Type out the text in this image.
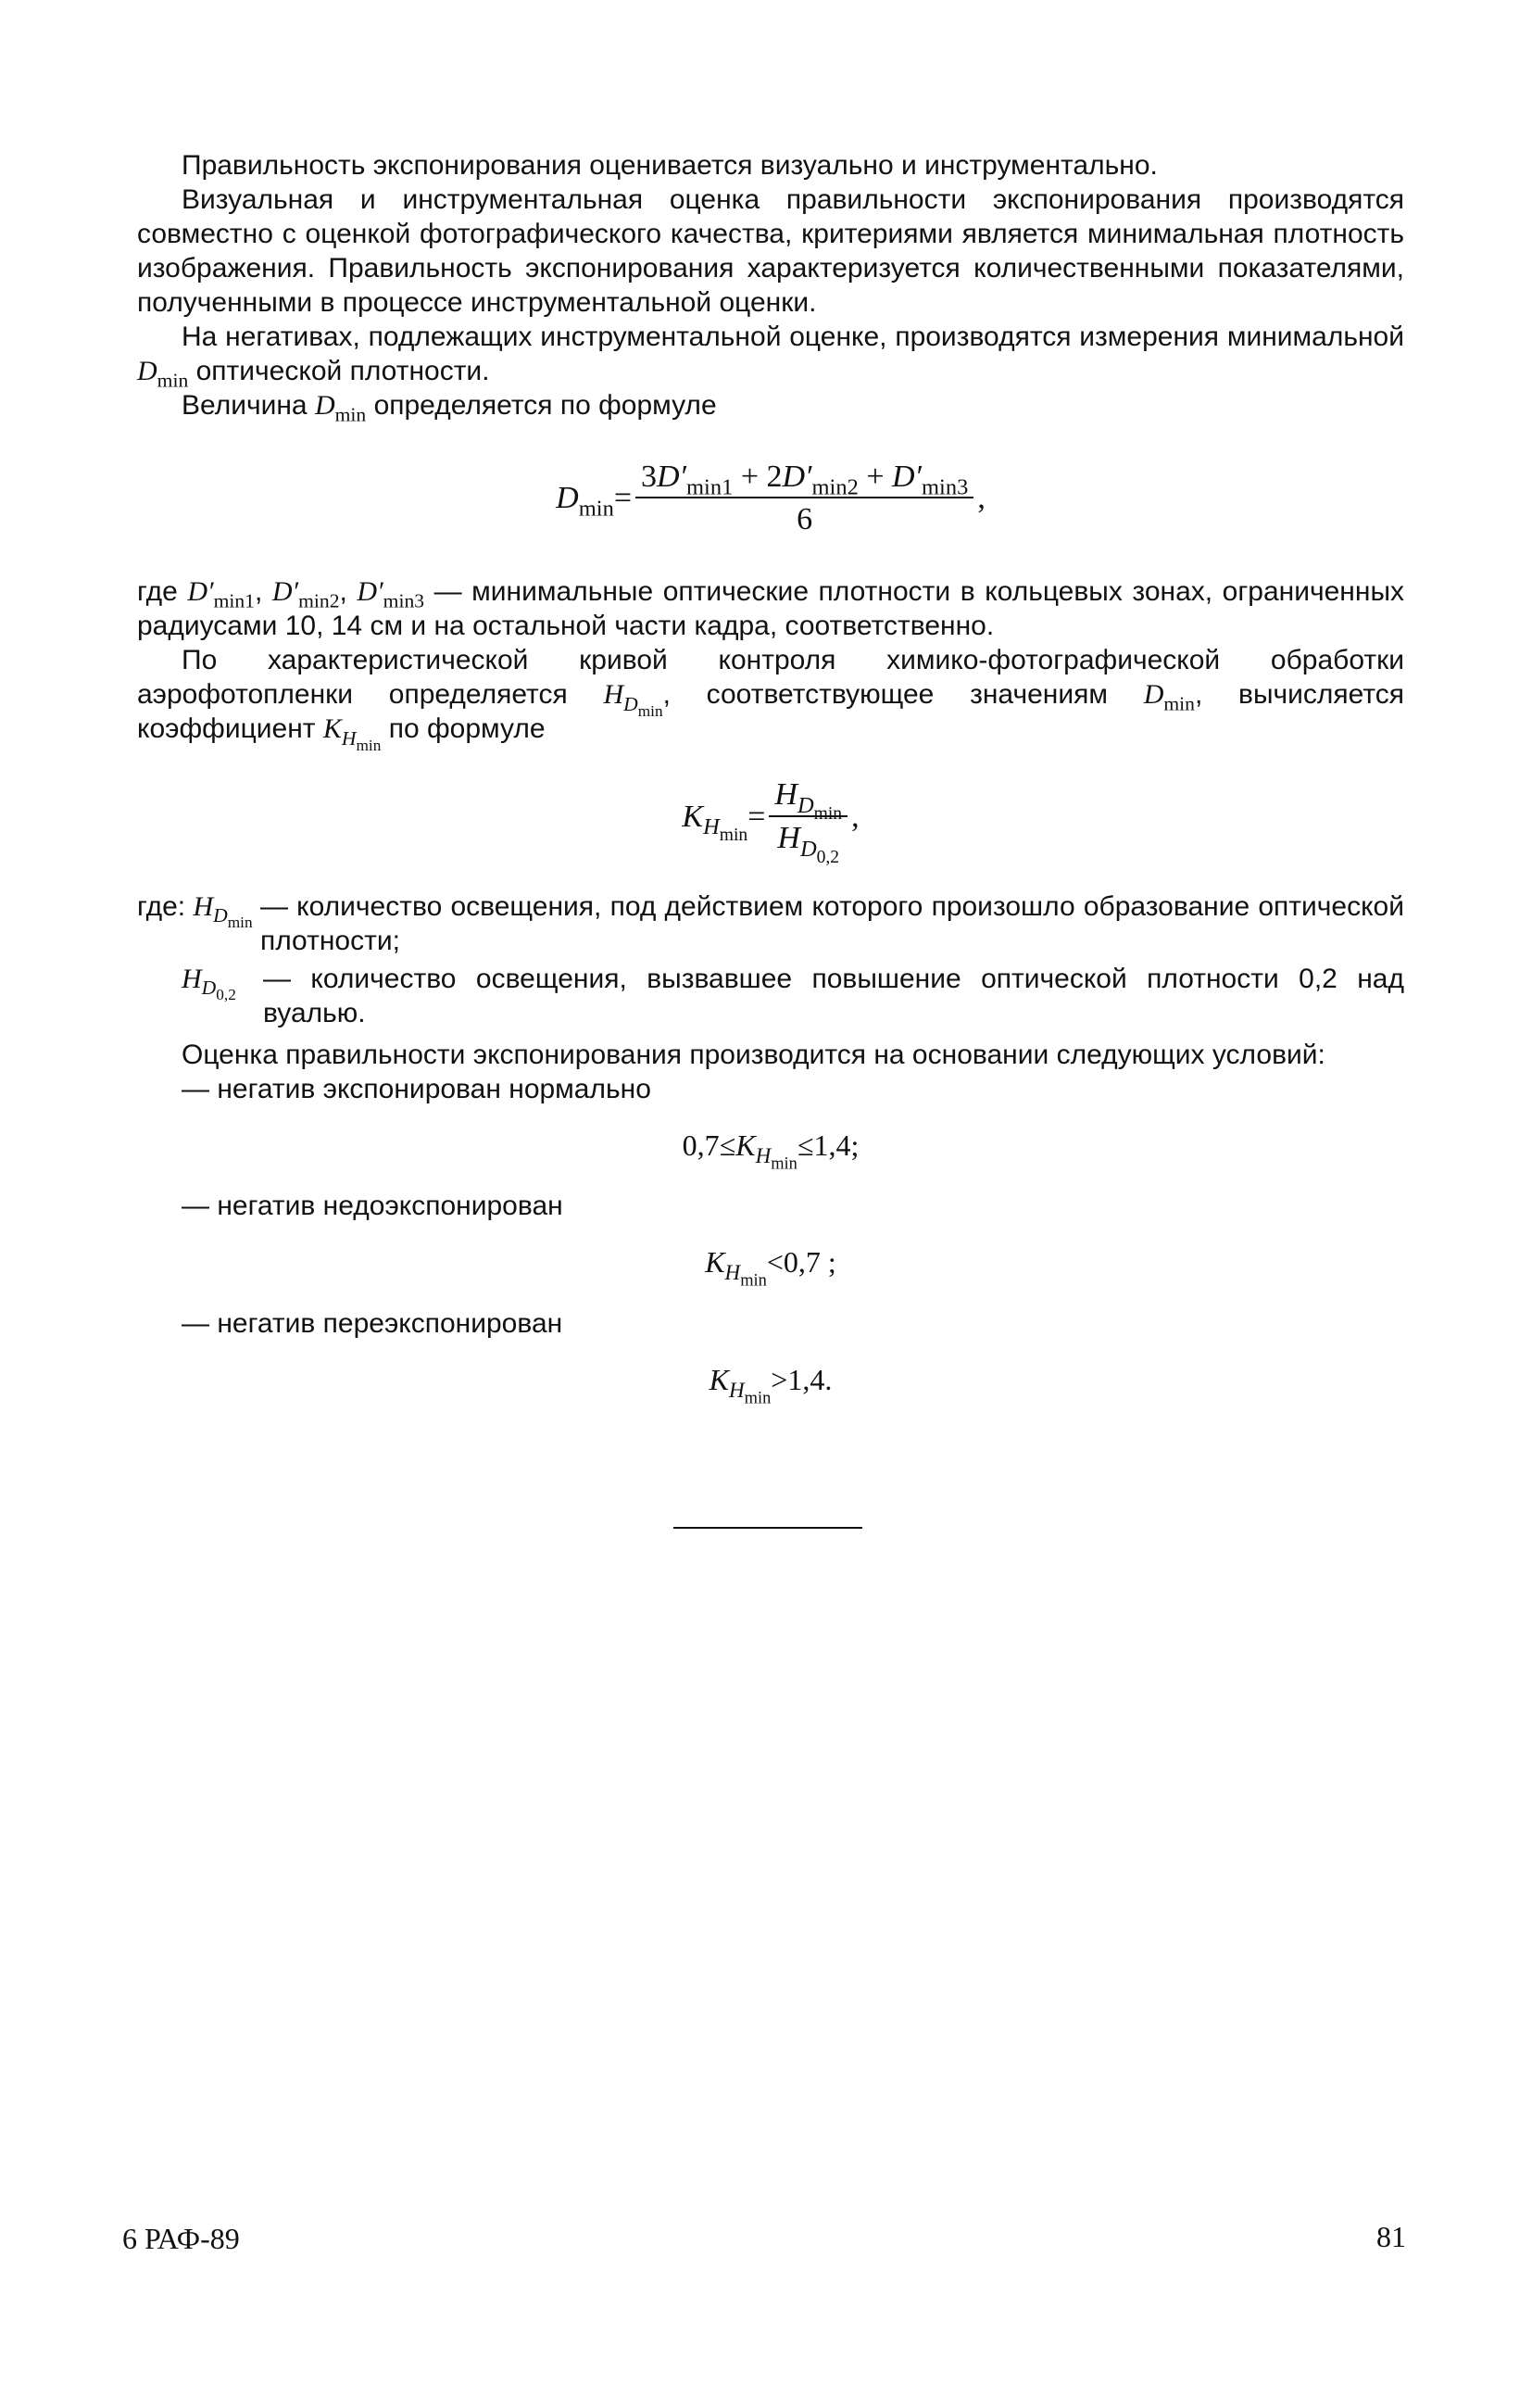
Правильность экспонирования оценивается визуально и инструментально.

Визуальная и инструментальная оценка правильности экспонирования производятся совместно с оценкой фотографического качества, критериями является минимальная плотность изображения. Правильность экспонирования характеризуется количественными показателями, полученными в процессе инструментальной оценки.

На негативах, подлежащих инструментальной оценке, производятся измерения минимальной $D_{min}$ оптической плотности.

Величина $D_{min}$ определяется по формуле

$D_{min} = \frac{3D'_{min1} + 2D'_{min2} + D'_{min3}}{6}$ ,

где $D'_{min1}$, $D'_{min2}$, $D'_{min3}$ — минимальные оптические плотности в кольцевых зонах, ограниченных радиусами 10, 14 см и на остальной части кадра, соответственно.

По характеристической кривой контроля химико-фотографической обработки аэрофотопленки определяется $H_{D_{min}}$, соответствующее значениям $D_{min}$, вычисляется коэффициент $K_{H_{min}}$ по формуле

$K_{H_{min}}$
= $\frac{H_{D_{min}}}{H_{D_{0,2}}}$ ,
где: $H_{D_{min}}$
— количество освещения, под действием которого произошло образование оптической плотности;
$H_{D_{0,2}}$
— количество освещения, вызвавшее повышение оптической плотности 0,2 над вуалью.

Оценка правильности экспонирования производится на основании следующих условий:

— негатив экспонирован нормально
$0,7\le K_{H_{min}}\le 1,4$;
— негатив недоэкспонирован
$K_{H_{min}}<0,7$ ;
— негатив переэкспонирован
$K_{H_{min}}>1,4$.
6 РАФ-89	81
